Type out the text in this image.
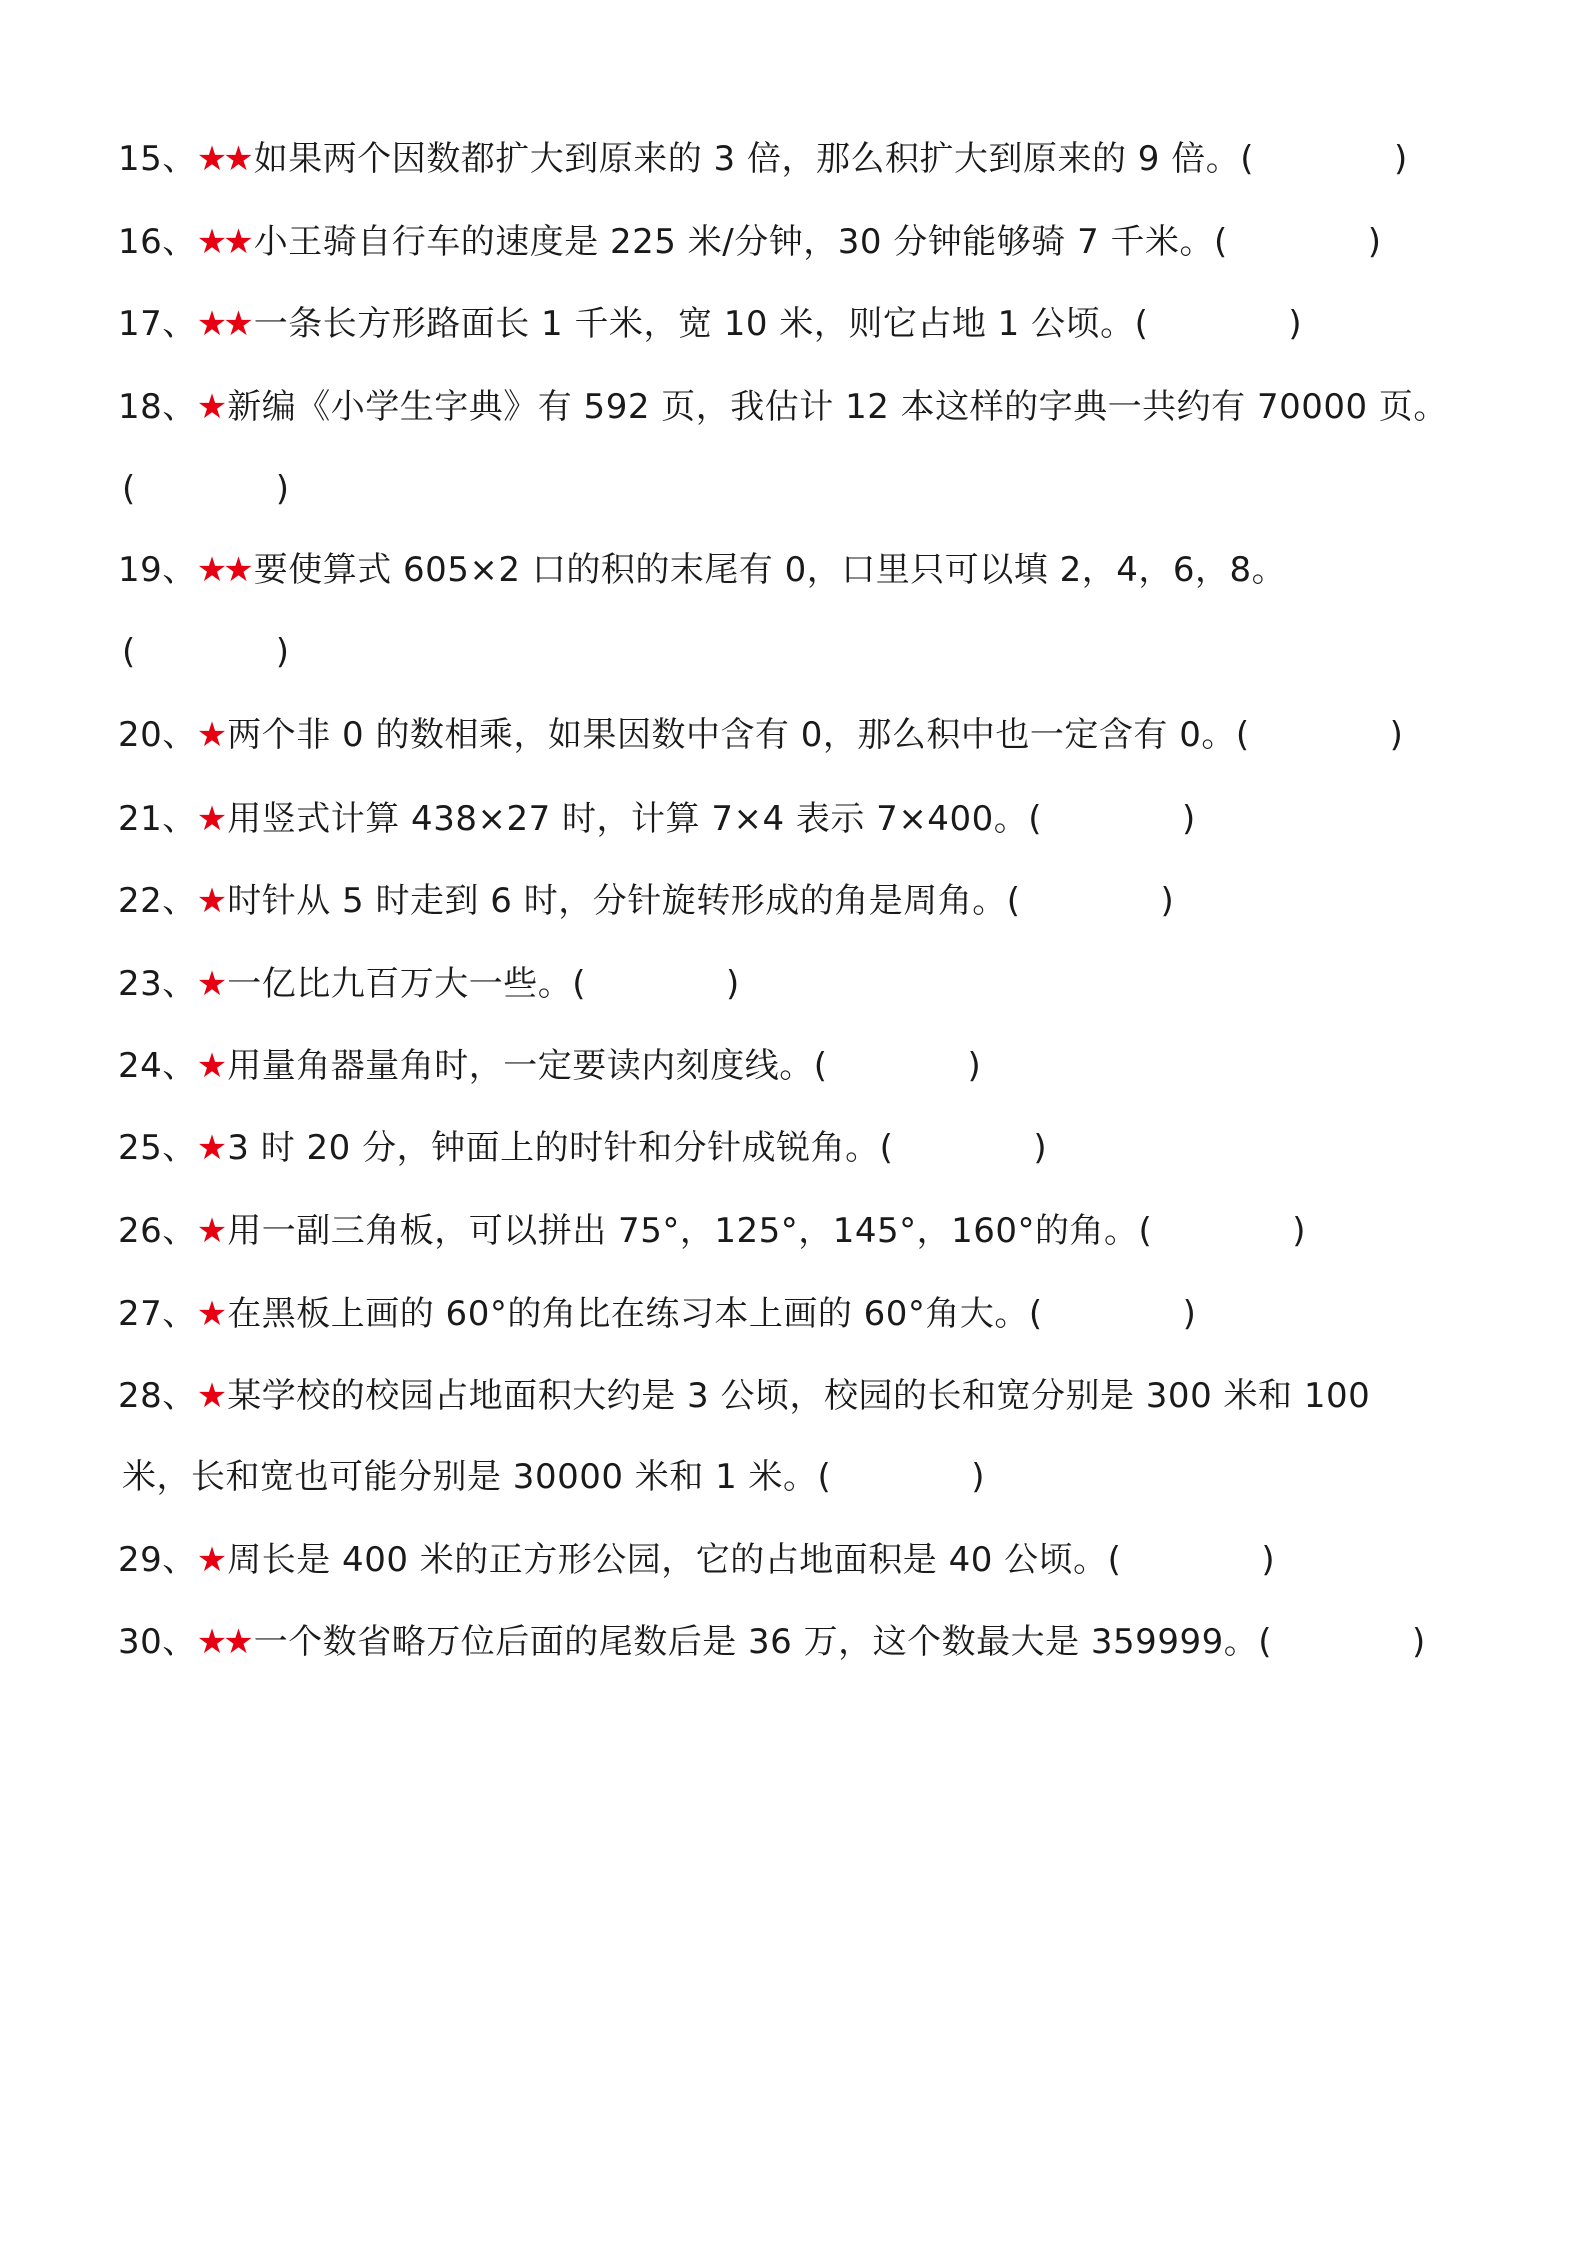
15、★★ 如果两个因数都扩大到原来的 3 倍，那么积扩大到原来的 9 倍。(	)
16、★★ 小王骑自行车的速度是 225 米/分钟，30 分钟能够骑 7 千米。(	)
17、★★ 一条长方形路面长 1 千米，宽 10 米，则它占地 1 公顷。(	)
18、★ 新编《小学生字典》有 592 页，我估计 12 本这样的字典一共约有 70000 页。
(	)
19、★★ 要使算式 605×2 口的积的末尾有 0，口里只可以填 2，4，6，8。
(	)
20、★ 两个非 0 的数相乘，如果因数中含有 0，那么积中也一定含有 0。(	)
21、★ 用竖式计算 438×27 时，计算 7×4 表示 7×400。(	)
22、★ 时针从 5 时走到 6 时，分针旋转形成的角是周角。(	)
23、★ 一亿比九百万大一些。(	)
24、★ 用量角器量角时，一定要读内刻度线。(	)
25、★ 3 时 20 分，钟面上的时针和分针成锐角。(	)
26、★ 用一副三角板，可以拼出 75°，125°，145°，160°的角。(	)
27、★ 在黑板上画的 60°的角比在练习本上画的 60°角大。(	)
28、★ 某学校的校园占地面积大约是 3 公顷，校园的长和宽分别是 300 米和 100
米，长和宽也可能分别是 30000 米和 1 米。(	)
29、★ 周长是 400 米的正方形公园，它的占地面积是 40 公顷。(	)
30、★★ 一个数省略万位后面的尾数后是 36 万，这个数最大是 359999。(	)
